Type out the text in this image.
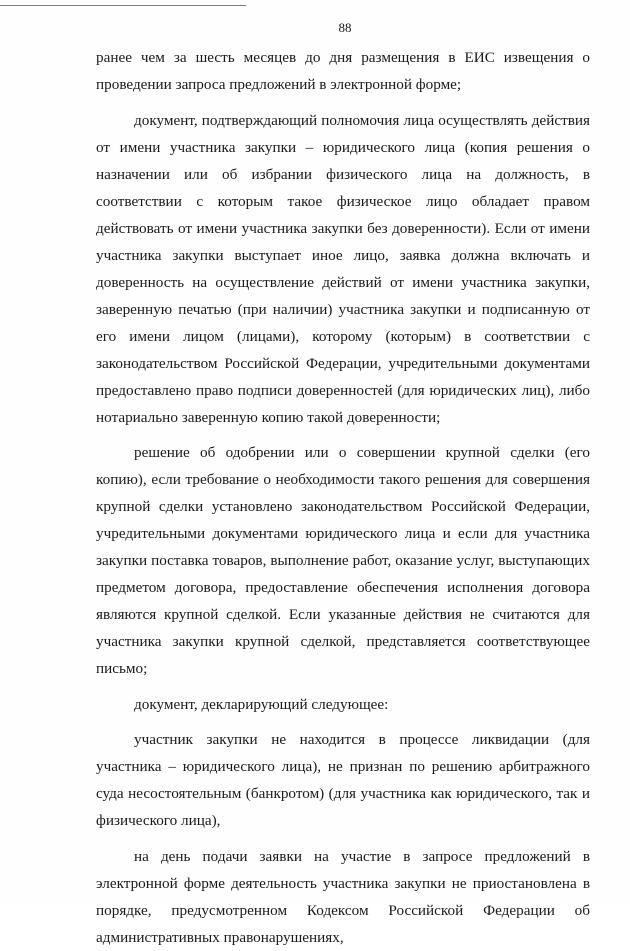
88

ранее чем за шесть месяцев до дня размещения в ЕИС извещения о проведении запроса предложений в электронной форме;

документ, подтверждающий полномочия лица осуществлять действия от имени участника закупки – юридического лица (копия решения о назначении или об избрании физического лица на должность, в соответствии с которым такое физическое лицо обладает правом действовать от имени участника закупки без доверенности). Если от имени участника закупки выступает иное лицо, заявка должна включать и доверенность на осуществление действий от имени участника закупки, заверенную печатью (при наличии) участника закупки и подписанную от его имени лицом (лицами), которому (которым) в соответствии с законодательством Российской Федерации, учредительными документами предоставлено право подписи доверенностей (для юридических лиц), либо нотариально заверенную копию такой доверенности;

решение об одобрении или о совершении крупной сделки (его копию), если требование о необходимости такого решения для совершения крупной сделки установлено законодательством Российской Федерации, учредительными документами юридического лица и если для участника закупки поставка товаров, выполнение работ, оказание услуг, выступающих предметом договора, предоставление обеспечения исполнения договора являются крупной сделкой. Если указанные действия не считаются для участника закупки крупной сделкой, представляется соответствующее письмо;

документ, декларирующий следующее:

участник закупки не находится в процессе ликвидации (для участника – юридического лица), не признан по решению арбитражного суда несостоятельным (банкротом) (для участника как юридического, так и физического лица),

на день подачи заявки на участие в запросе предложений в электронной форме деятельность участника закупки не приостановлена в порядке, предусмотренном Кодексом Российской Федерации об административных правонарушениях,
